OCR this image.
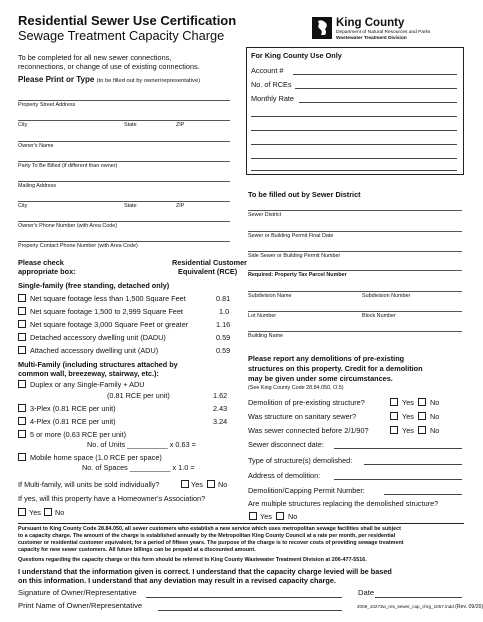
Residential Sewer Use Certification
Sewage Treatment Capacity Charge
King County
Department of Natural Resources and Parks
Wastewater Treatment Division
To be completed for all new sewer connections,
reconnections, or change of use of existing connections.
Please Print or Type (to be filled out by owner/representative)
Property Street Address
City	State	ZIP
Owner's Name
Party To Be Billed (if different than owner)
Mailing Address
City	State	ZIP
Owner's Phone Number (with Area Code)
Property Contact Phone Number (with Area Code)
Please check
appropriate box:
Residential Customer
Equivalent (RCE)
Single-family (free standing, detached only)
Net square footage less than 1,500 Square Feet	0.81
Net square footage 1,500 to 2,999 Square Feet	1.0
Net square footage 3,000 Square Feet or greater	1.16
Detached accessory dwelling unit (DADU)	0.59
Attached accessory dwelling unit (ADU)	0.59
Multi-Family (including structures attached by
common wall, breezeway, stairway, etc.):
Duplex or any Single-Family + ADU
(0.81 RCE per unit)	1.62
3-Plex (0.81 RCE per unit)	2.43
4-Plex (0.81 RCE per unit)	3.24
5 or more (0.63 RCE per unit)
No. of Units __________ x 0.63 =
Mobile home space (1.0 RCE per space)
No. of Spaces __________ x 1.0 =
If Multi-family, will units be sold individually?	Yes No
If yes, will this property have a Homeowner's Association?
Yes No
For King County Use Only
Account #
No. of RCEs
Monthly Rate
To be filled out by Sewer District
Sewer District
Sewer or Building Permit Final Date
Side Sewer or Building Permit Number
Required: Property Tax Parcel Number
Subdivision Name	Subdivision Number
Lot Number	Block Number
Building Name
Please report any demolitions of pre-existing
structures on this property. Credit for a demolition
may be given under some circumstances.
(See King County Code 28.84.050, O.5)
Demolition of pre-existing structure?	Yes No
Was structure on sanitary sewer?	Yes No
Was sewer connected before 2/1/90?	Yes No
Sewer disconnect date:
Type of structure(s) demolished:
Address of demolition:
Demolition/Capping Permit Number:
Are multiple structures replacing the demolished structure?
Yes No
Pursuant to King County Code 28.84.050, all sewer customers who establish a new service which uses metropolitan sewage facilities shall be subject
to a capacity charge. The amount of the charge is established annually by the Metropolitan King County Council at a rate per month, per residential
customer or residential customer equivalent, for a period of fifteen years. The purpose of the charge is to recover costs of providing sewage treatment
capacity for new sewer customers. All future billings can be prepaid at a discounted amount.
Questions regarding the capacity charge or this form should be referred to King County Wastewater Treatment Division at 206-477-5516.
I understand that the information given is correct. I understand that the capacity charge levied will be based
on this information. I understand that any deviation may result in a revised capacity charge.
Signature of Owner/Representative	Date
Print Name of Owner/Representative	2009_10273w_res_sewer_cap_chrg_1057.indd (Rev. 09/20)
